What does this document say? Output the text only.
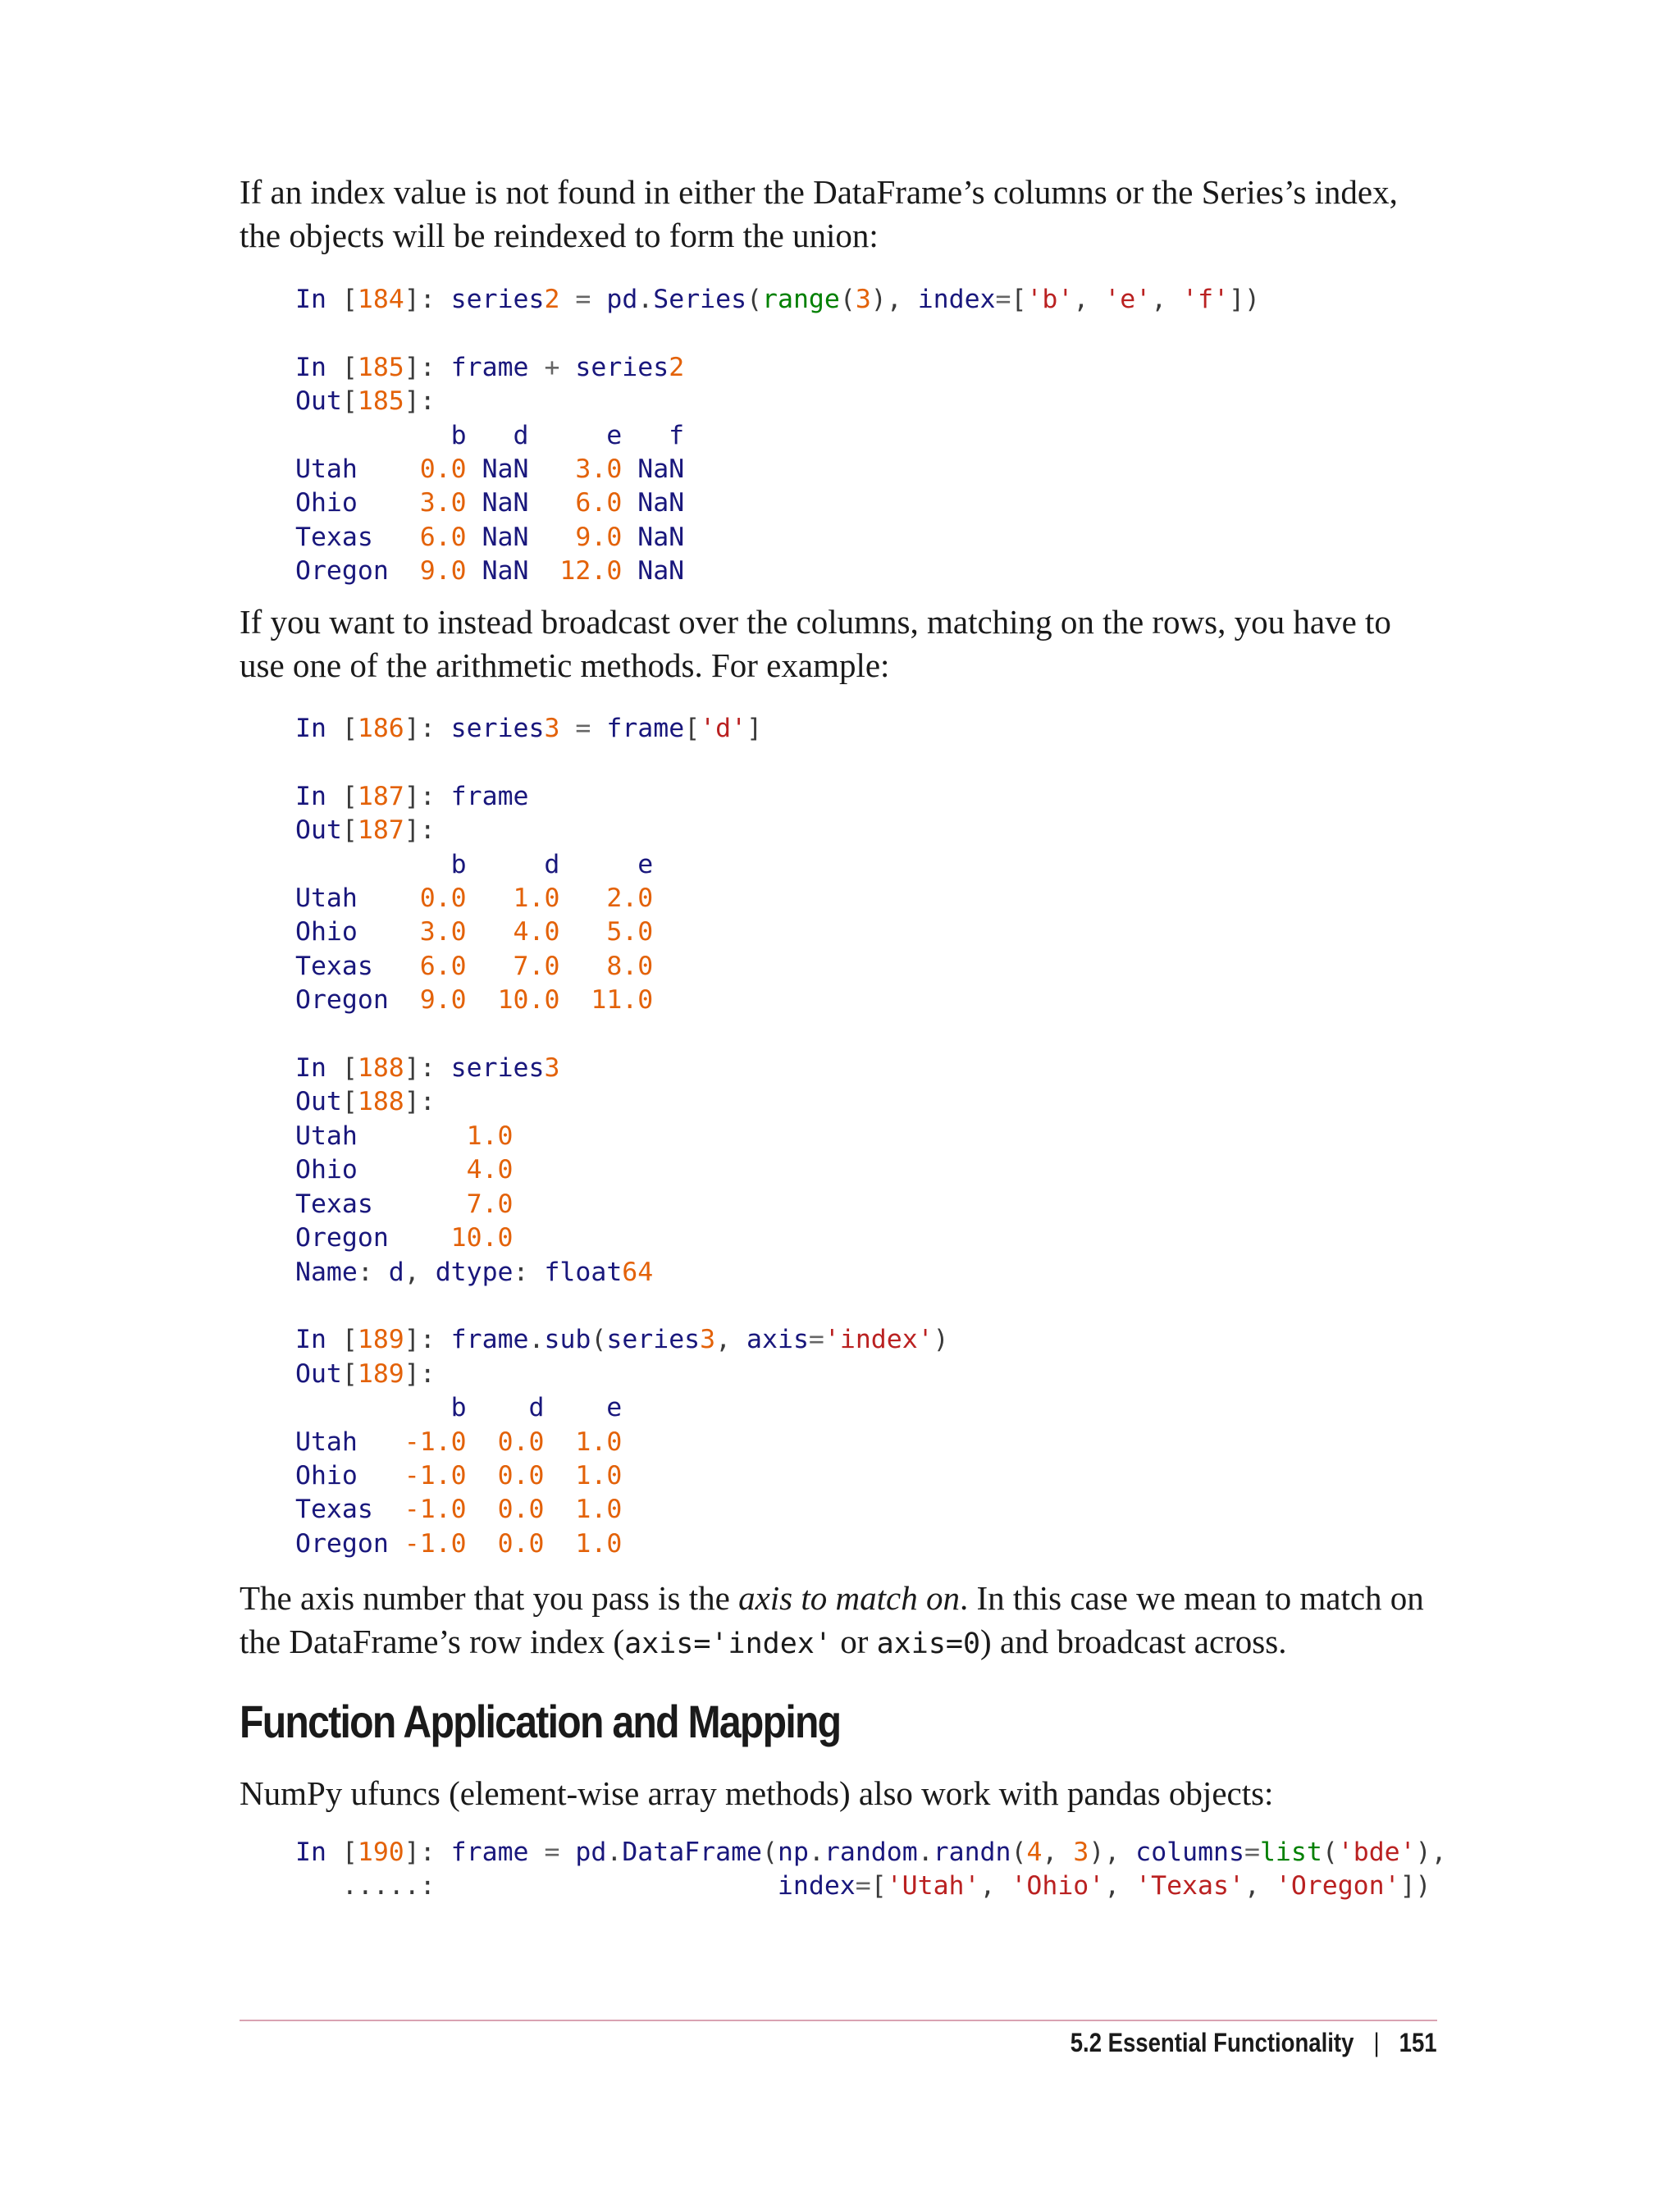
If an index value is not found in either the DataFrame’s columns or the Series’s index, the objects will be reindexed to form the union:

In [184]: series2 = pd.Series(range(3), index=['b', 'e', 'f'])

In [185]: frame + series2
Out[185]:
b   d     e   f
Utah    0.0 NaN   3.0 NaN
Ohio    3.0 NaN   6.0 NaN
Texas   6.0 NaN   9.0 NaN
Oregon  9.0 NaN  12.0 NaN

If you want to instead broadcast over the columns, matching on the rows, you have to use one of the arithmetic methods. For example:

In [186]: series3 = frame['d']

In [187]: frame
Out[187]:
b     d     e
Utah    0.0 1.0 2.0
Ohio    3.0 4.0 5.0
Texas   6.0 7.0 8.0
Oregon  9.0 10.0 11.0

In [188]: series3
Out[188]:
Utah	1.0
Ohio	4.0
Texas	7.0
Oregon    10.0
Name: d, dtype: float64

In [189]: frame.sub(series3, axis='index')
Out[189]:
b    d    e
Utah   -1.0 0.0 1.0
Ohio   -1.0 0.0 1.0
Texas  -1.0 0.0 1.0
Oregon -1.0 0.0 1.0

The axis number that you pass is the axis to match on. In this case we mean to match on the DataFrame’s row index (axis='index' or axis=0) and broadcast across.

Function Application and Mapping

NumPy ufuncs (element-wise array methods) also work with pandas objects:

In [190]: frame = pd.DataFrame(np.random.randn(4, 3), columns=list('bde'),
.....:                      index=['Utah', 'Ohio', 'Texas', 'Oregon'])
5.2 Essential Functionality | 151
